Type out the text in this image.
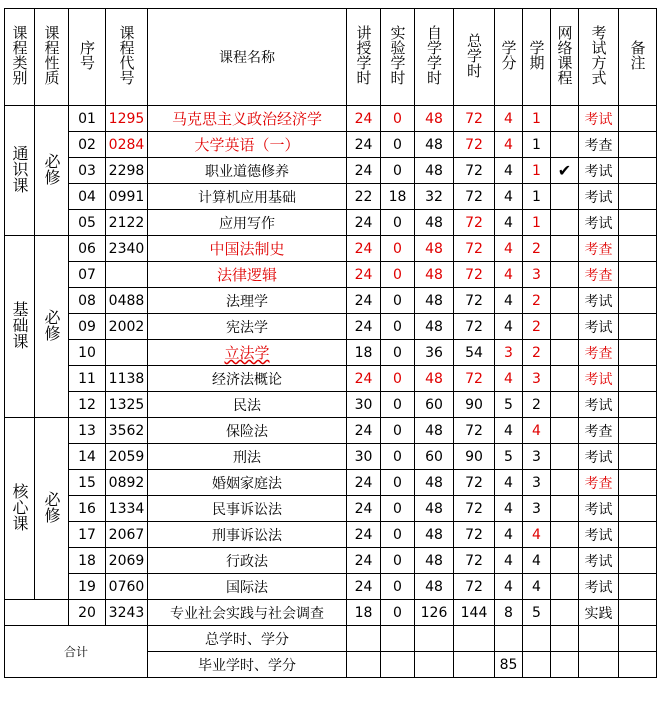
课程类别	课程性质	序号	课程代号	课程名称	讲授学时	实验学时	自学学时	总学时	学分	学期	网络课程	考试方式	备注
通识课	必修	01	1295	马克思主义政治经济学	24	0	48	72	4	1		考试	
		02	0284	大学英语（一）	24	0	48	72	4	1		考查	
		03	2298	职业道德修养	24	0	48	72	4	1	✔	考试	
		04	0991	计算机应用基础	22	18	32	72	4	1		考试	
		05	2122	应用写作	24	0	48	72	4	1		考试	
基础课	必修	06	2340	中国法制史	24	0	48	72	4	2		考查	
		07		法律逻辑	24	0	48	72	4	3		考查	
		08	0488	法理学	24	0	48	72	4	2		考试	
		09	2002	宪法学	24	0	48	72	4	2		考试	
		10		立法学	18	0	36	54	3	2		考查	
		11	1138	经济法概论	24	0	48	72	4	3		考试	
		12	1325	民法	30	0	60	90	5	2		考试	
核心课	必修	13	3562	保险法	24	0	48	72	4	4		考查	
		14	2059	刑法	30	0	60	90	5	3		考试	
		15	0892	婚姻家庭法	24	0	48	72	4	3		考查	
		16	1334	民事诉讼法	24	0	48	72	4	3		考试	
		17	2067	刑事诉讼法	24	0	48	72	4	4		考试	
		18	2069	行政法	24	0	48	72	4	4		考试	
		19	0760	国际法	24	0	48	72	4	4		考试	
		20	3243	专业社会实践与社会调查	18	0	126	144	8	5		实践	
合计				总学时、学分									
				毕业学时、学分					85				
